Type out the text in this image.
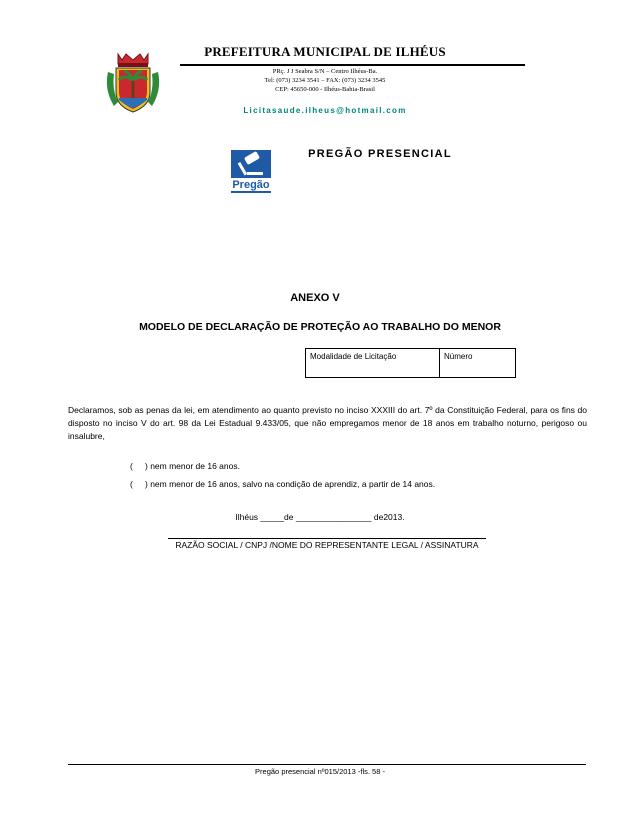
PREFEITURA MUNICIPAL DE ILHÉUS
PRç. J J Seabra S/N – Centro Ilhéus-Ba.
Tel: (073) 3234 3541 – FAX: (073) 3234 3545
CEP: 45650-000 - Ilhéus-Bahia-Brasil
Licitasaude.ilheus@hotmail.com
Pregão
PREGÃO PRESENCIAL
ANEXO V
MODELO DE DECLARAÇÃO DE PROTEÇÃO AO TRABALHO DO MENOR
Modalidade de Licitação	Número
Declaramos, sob as penas da lei, em atendimento ao quanto previsto no inciso XXXIII do art. 7º da Constituição Federal, para os fins do disposto no inciso V do art. 98 da Lei Estadual 9.433/05, que não empregamos menor de 18 anos em trabalho noturno, perigoso ou insalubre,
( ) nem menor de 16 anos.
( ) nem menor de 16 anos, salvo na condição de aprendiz, a partir de 14 anos.
Ilhéus _____de ________________ de2013.
RAZÃO SOCIAL / CNPJ /NOME DO REPRESENTANTE LEGAL / ASSINATURA
Pregão presencial nº015/2013 -fls. 58 -
